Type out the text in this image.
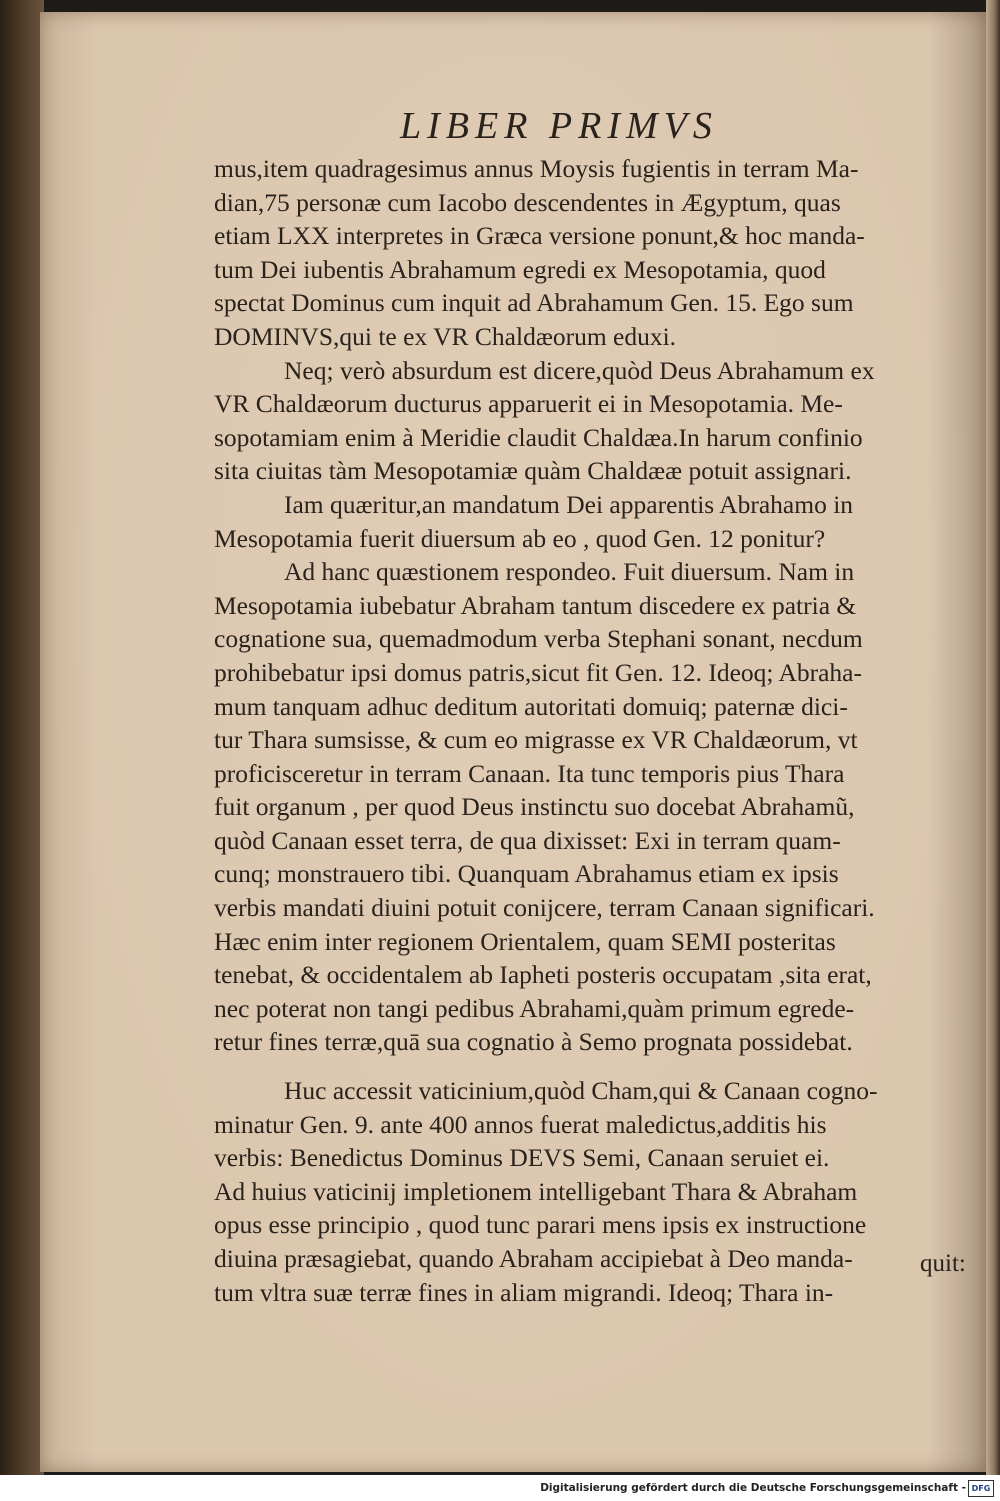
LIBER PRIMVS
mus,item quadragesimus annus Moysis fugientis in terram Ma-
dian,75 personæ cum Iacobo descendentes in Ægyptum, quas
etiam LXX interpretes in Græca versione ponunt,& hoc manda-
tum Dei iubentis Abrahamum egredi ex Mesopotamia, quod
spectat Dominus cum inquit ad Abrahamum Gen. 15. Ego sum
DOMINVS,qui te ex VR Chaldæorum eduxi.
Neq; verò absurdum est dicere,quòd Deus Abrahamum ex
VR Chaldæorum ducturus apparuerit ei in Mesopotamia. Me-
sopotamiam enim à Meridie claudit Chaldæa.In harum confinio
sita ciuitas tàm Mesopotamiæ quàm Chaldææ potuit assignari.
Iam quæritur,an mandatum Dei apparentis Abrahamo in
Mesopotamia fuerit diuersum ab eo , quod Gen. 12 ponitur?
Ad hanc quæstionem respondeo. Fuit diuersum. Nam in
Mesopotamia iubebatur Abraham tantum discedere ex patria &
cognatione sua, quemadmodum verba Stephani sonant, necdum
prohibebatur ipsi domus patris,sicut fit Gen. 12. Ideoq; Abraha-
mum tanquam adhuc deditum autoritati domuiq; paternæ dici-
tur Thara sumsisse, & cum eo migrasse ex VR Chaldæorum, vt
proficisceretur in terram Canaan. Ita tunc temporis pius Thara
fuit organum , per quod Deus instinctu suo docebat Abrahamũ,
quòd Canaan esset terra, de qua dixisset: Exi in terram quam-
cunq; monstrauero tibi. Quanquam Abrahamus etiam ex ipsis
verbis mandati diuini potuit conijcere, terram Canaan significari.
Hæc enim inter regionem Orientalem, quam SEMI posteritas
tenebat, & occidentalem ab Iapheti posteris occupatam ,sita erat,
nec poterat non tangi pedibus Abrahami,quàm primum egrede-
retur fines terræ,quā sua cognatio à Semo prognata possidebat.
Huc accessit vaticinium,quòd Cham,qui & Canaan cogno-
minatur Gen. 9. ante 400 annos fuerat maledictus,additis his
verbis: Benedictus Dominus DEVS Semi, Canaan seruiet ei.
Ad huius vaticinij impletionem intelligebant Thara & Abraham
opus esse principio , quod tunc parari mens ipsis ex instructione
diuina præsagiebat, quando Abraham accipiebat à Deo manda-
tum vltra suæ terræ fines in aliam migrandi. Ideoq; Thara in-
quit:
Digitalisierung gefördert durch die Deutsche Forschungsgemeinschaft - DFG
